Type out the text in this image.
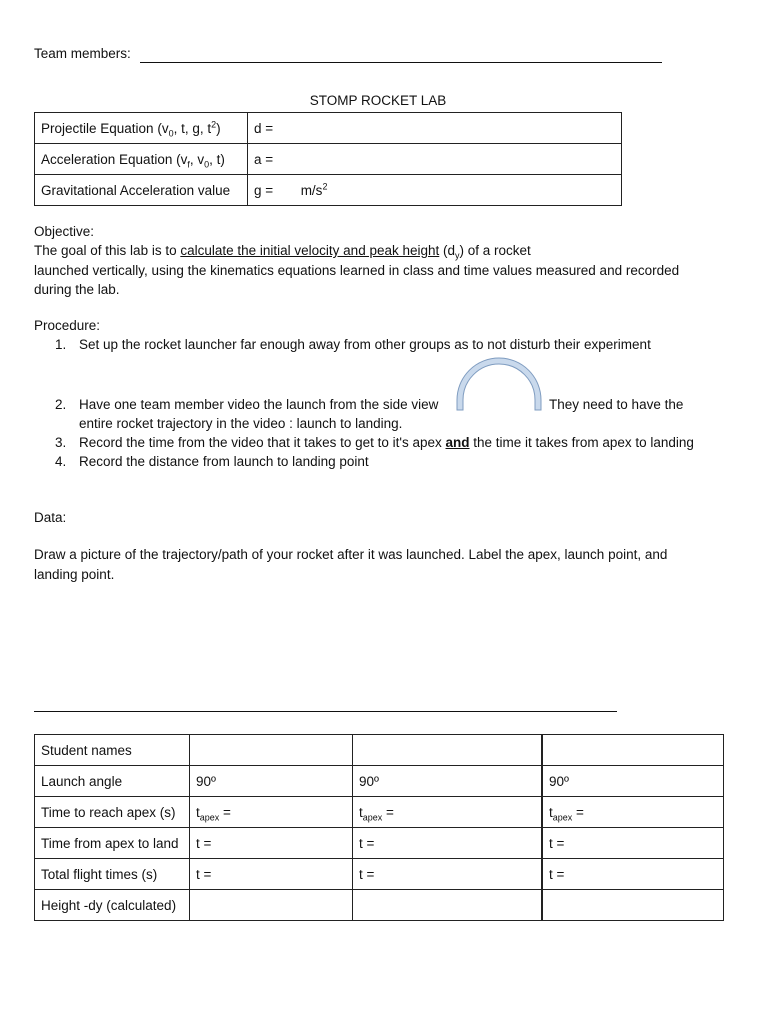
Team members:
STOMP ROCKET LAB
Projectile Equation ($v_0$, t, g, $t^2$)	d =
Acceleration Equation ($v_f$, $v_0$, t)	a =
Gravitational Acceleration value	$g = m/s^2$
Objective:
The goal of this lab is to calculate the initial velocity and peak height $(d_y)$ of a rocket
launched vertically, using the kinematics equations learned in class and time values measured and recorded
during the lab.
Procedure:
1. Set up the rocket launcher far enough away from other groups as to not disturb their experiment
2. Have one team member video the launch from the side view	They need to have the
entire rocket trajectory in the video : launch to landing.
3. Record the time from the video that it takes to get to it's apex and the time it takes from apex to landing
4. Record the distance from launch to landing point
Data:
Draw a picture of the trajectory/path of your rocket after it was launched. Label the apex, launch point, and
landing point.
Student names			
Launch angle	90º	90º	90º
Time to reach apex (s)	$t_{apex}$ =	$t_{apex}$ =	$t_{apex}$ =
Time from apex to land	t =	t =	t =
Total flight times (s)	t =	t =	t =
Height -dy (calculated)			
